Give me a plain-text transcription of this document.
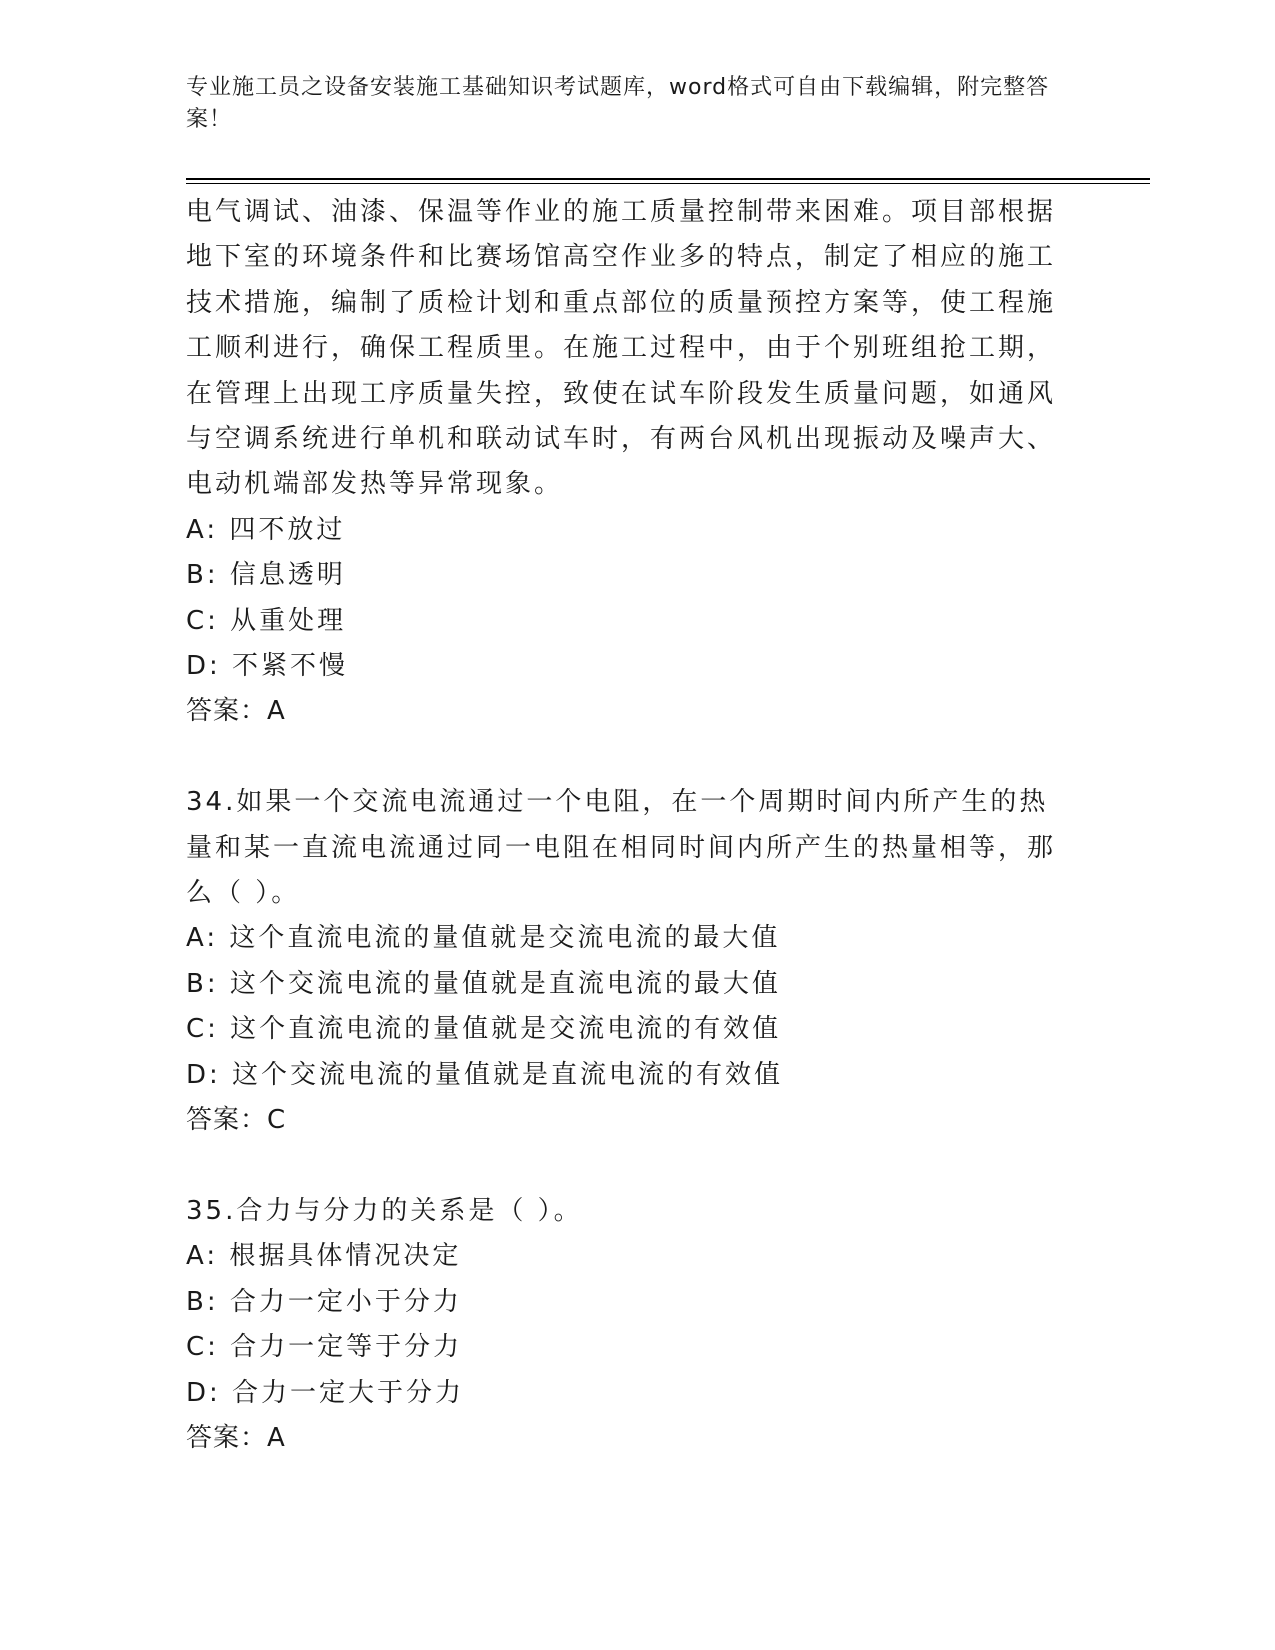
专业施工员之设备安装施工基础知识考试题库，word格式可自由下载编辑，附完整答案！

电气调试、油漆、保温等作业的施工质量控制带来困难。项目部根据地下室的环境条件和比赛场馆高空作业多的特点，制定了相应的施工技术措施，编制了质检计划和重点部位的质量预控方案等，使工程施工顺利进行，确保工程质里。在施工过程中，由于个别班组抢工期，在管理上出现工序质量失控，致使在试车阶段发生质量问题，如通风与空调系统进行单机和联动试车时，有两台风机出现振动及噪声大、电动机端部发热等异常现象。

A: 四不放过

B: 信息透明

C: 从重处理

D: 不紧不慢

答案：A

34.如果一个交流电流通过一个电阻，在一个周期时间内所产生的热量和某一直流电流通过同一电阻在相同时间内所产生的热量相等，那么（ ）。

A: 这个直流电流的量值就是交流电流的最大值

B: 这个交流电流的量值就是直流电流的最大值

C: 这个直流电流的量值就是交流电流的有效值

D: 这个交流电流的量值就是直流电流的有效值

答案：C

35.合力与分力的关系是（ ）。

A: 根据具体情况决定

B: 合力一定小于分力

C: 合力一定等于分力

D: 合力一定大于分力

答案：A
